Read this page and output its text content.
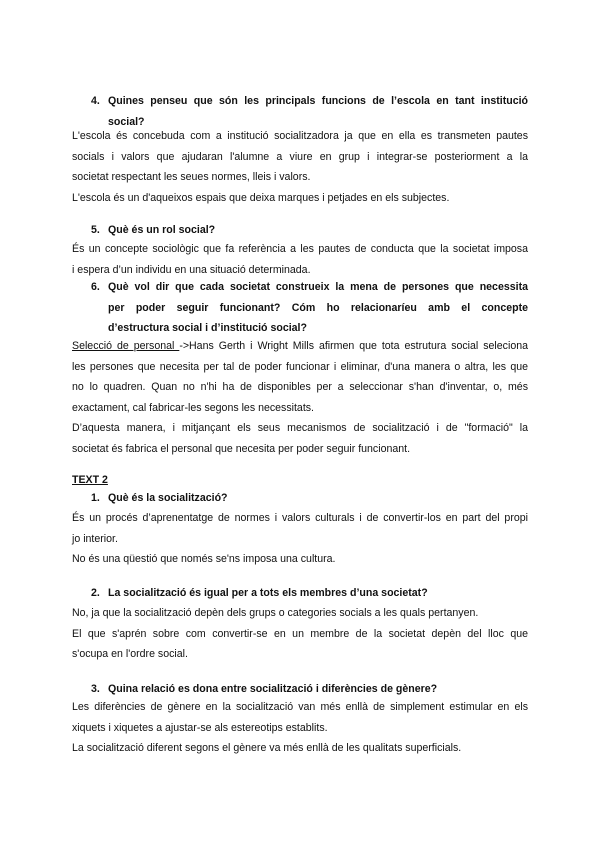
4. Quines penseu que són les principals funcions de l’escola en tant institució
social?
L'escola és concebuda com a institució socialitzadora ja que en ella es transmeten pautes
socials i valors que ajudaran l'alumne a viure en grup i integrar-se posteriorment a la
societat respectant les seues normes, lleis i valors.
L'escola és un d'aqueixos espais que deixa marques i petjades en els subjectes.
5. Què és un rol social?
És un concepte sociològic que fa referència a les pautes de conducta que la societat imposa
i espera d’un individu en una situació determinada.
6. Què vol dir que cada societat construeix la mena de persones que necessita
per poder seguir funcionant? Cóm ho relacionaríeu amb el concepte
d’estructura social i d’institució social?
Selecció de personal ->Hans Gerth i Wright Mills afirmen que tota estrutura social seleciona
les persones que necesita per tal de poder funcionar i eliminar, d'una manera o altra, les que
no lo quadren. Quan no n'hi ha de disponibles per a seleccionar s'han d'inventar, o, més
exactament, cal fabricar-les segons les necessitats.
D’aquesta manera, i mitjançant els seus mecanismos de socialització i de "formació" la
societat és fabrica el personal que necesita per poder seguir funcionant.
TEXT 2
1. Què és la socialització?
És un procés d’aprenentatge de normes i valors culturals i de convertir-los en part del propi
jo interior.
No és una qüestió que només se'ns imposa una cultura.
2. La socialització és igual per a tots els membres d’una societat?
No, ja que la socialització depèn dels grups o categories socials a les quals pertanyen.
El que s'aprén sobre com convertir-se en un membre de la societat depèn del lloc que
s'ocupa en l'ordre social.
3. Quina relació es dona entre socialització i diferències de gènere?
Les diferències de gènere en la socialització van més enllà de simplement estimular en els
xiquets i xiquetes a ajustar-se als estereotips establits.
La socialització diferent segons el gènere va més enllà de les qualitats superficials.
